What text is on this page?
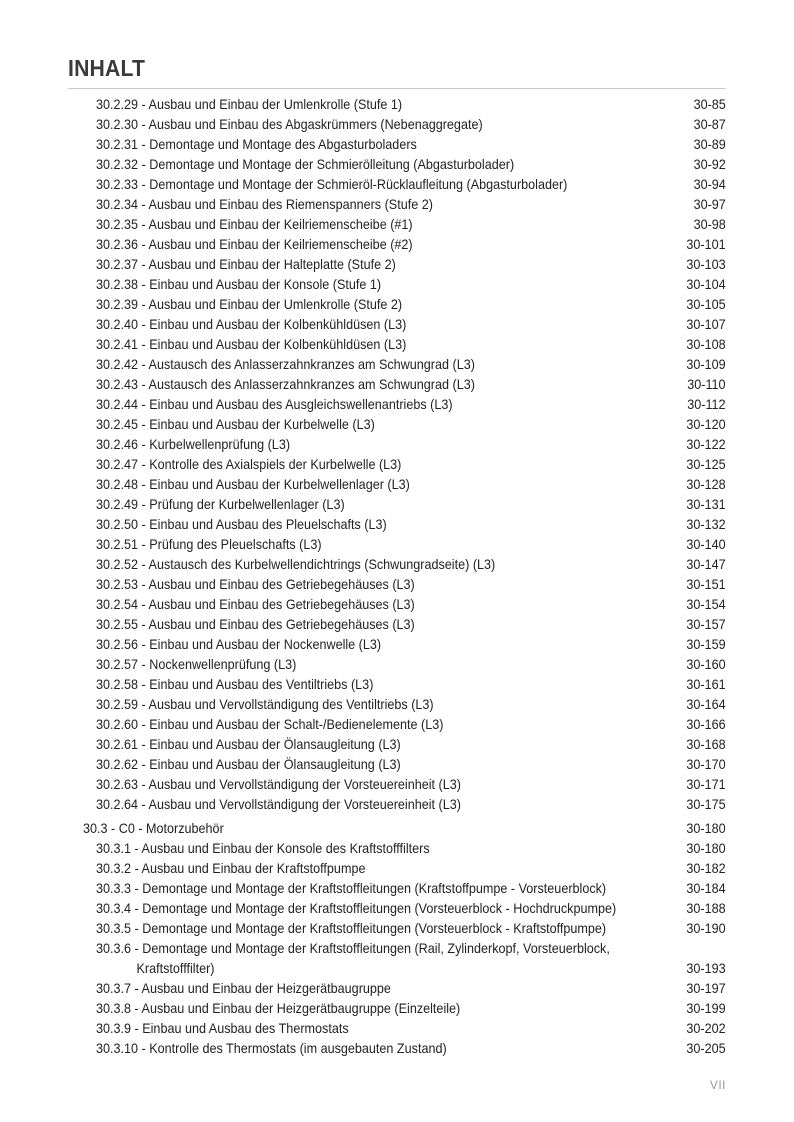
INHALT
30.2.29 - Ausbau und Einbau der Umlenkrolle (Stufe 1)	30-85
30.2.30 - Ausbau und Einbau des Abgaskrümmers (Nebenaggregate)	30-87
30.2.31 - Demontage und Montage des Abgasturboladers	30-89
30.2.32 - Demontage und Montage der Schmierölleitung (Abgasturbolader)	30-92
30.2.33 - Demontage und Montage der Schmieröl-Rücklaufleitung (Abgasturbolader)	30-94
30.2.34 - Ausbau und Einbau des Riemenspanners (Stufe 2)	30-97
30.2.35 - Ausbau und Einbau der Keilriemenscheibe (#1)	30-98
30.2.36 - Ausbau und Einbau der Keilriemenscheibe (#2)	30-101
30.2.37 - Ausbau und Einbau der Halteplatte (Stufe 2)	30-103
30.2.38 - Einbau und Ausbau der Konsole (Stufe 1)	30-104
30.2.39 - Ausbau und Einbau der Umlenkrolle (Stufe 2)	30-105
30.2.40 - Einbau und Ausbau der Kolbenkühldüsen (L3)	30-107
30.2.41 - Einbau und Ausbau der Kolbenkühldüsen (L3)	30-108
30.2.42 - Austausch des Anlasserzahnkranzes am Schwungrad (L3)	30-109
30.2.43 - Austausch des Anlasserzahnkranzes am Schwungrad (L3)	30-110
30.2.44 - Einbau und Ausbau des Ausgleichswellenantriebs (L3)	30-112
30.2.45 - Einbau und Ausbau der Kurbelwelle (L3)	30-120
30.2.46 - Kurbelwellenprüfung (L3)	30-122
30.2.47 - Kontrolle des Axialspiels der Kurbelwelle (L3)	30-125
30.2.48 - Einbau und Ausbau der Kurbelwellenlager (L3)	30-128
30.2.49 - Prüfung der Kurbelwellenlager (L3)	30-131
30.2.50 - Einbau und Ausbau des Pleuelschafts (L3)	30-132
30.2.51 - Prüfung des Pleuelschafts (L3)	30-140
30.2.52 - Austausch des Kurbelwellendichtrings (Schwungradseite) (L3)	30-147
30.2.53 - Ausbau und Einbau des Getriebegehäuses (L3)	30-151
30.2.54 - Ausbau und Einbau des Getriebegehäuses (L3)	30-154
30.2.55 - Ausbau und Einbau des Getriebegehäuses (L3)	30-157
30.2.56 - Einbau und Ausbau der Nockenwelle (L3)	30-159
30.2.57 - Nockenwellenprüfung (L3)	30-160
30.2.58 - Einbau und Ausbau des Ventiltriebs (L3)	30-161
30.2.59 - Ausbau und Vervollständigung des Ventiltriebs (L3)	30-164
30.2.60 - Einbau und Ausbau der Schalt-/Bedienelemente (L3)	30-166
30.2.61 - Einbau und Ausbau der Ölansaugleitung (L3)	30-168
30.2.62 - Einbau und Ausbau der Ölansaugleitung (L3)	30-170
30.2.63 - Ausbau und Vervollständigung der Vorsteuereinheit (L3)	30-171
30.2.64 - Ausbau und Vervollständigung der Vorsteuereinheit (L3)	30-175
30.3 - C0 - Motorzubehör	30-180
30.3.1 - Ausbau und Einbau der Konsole des Kraftstofffilters	30-180
30.3.2 - Ausbau und Einbau der Kraftstoffpumpe	30-182
30.3.3 - Demontage und Montage der Kraftstoffleitungen (Kraftstoffpumpe - Vorsteuerblock)	30-184
30.3.4 - Demontage und Montage der Kraftstoffleitungen (Vorsteuerblock - Hochdruckpumpe)	30-188
30.3.5 - Demontage und Montage der Kraftstoffleitungen (Vorsteuerblock - Kraftstoffpumpe)	30-190
30.3.6 - Demontage und Montage der Kraftstoffleitungen (Rail, Zylinderkopf, Vorsteuerblock,
Kraftstofffilter)	30-193
30.3.7 - Ausbau und Einbau der Heizgerätbaugruppe	30-197
30.3.8 - Ausbau und Einbau der Heizgerätbaugruppe (Einzelteile)	30-199
30.3.9 - Einbau und Ausbau des Thermostats	30-202
30.3.10 - Kontrolle des Thermostats (im ausgebauten Zustand)	30-205
VII
